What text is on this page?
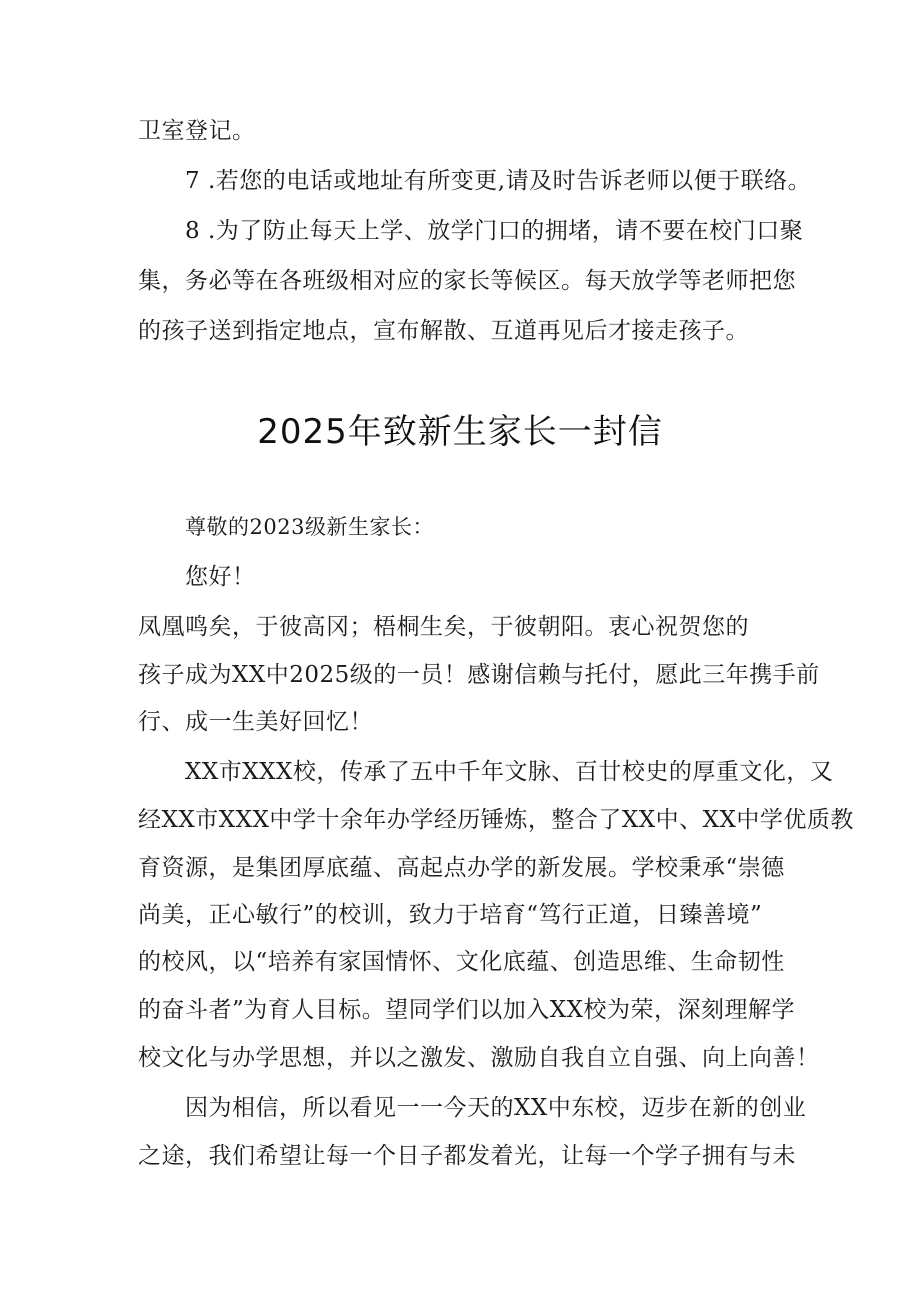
卫室登记。
7 .若您的电话或地址有所变更,请及时告诉老师以便于联络。
8 .为了防止每天上学、放学门口的拥堵，请不要在校门口聚
集，务必等在各班级相对应的家长等候区。每天放学等老师把您
的孩子送到指定地点，宣布解散、互道再见后才接走孩子。
2025年致新生家长一封信
尊敬的2023级新生家长：
您好！
凤凰鸣矣，于彼高冈；梧桐生矣，于彼朝阳。衷心祝贺您的
孩子成为XX中2025级的一员！感谢信赖与托付，愿此三年携手前
行、成一生美好回忆！
XX市XXX校，传承了五中千年文脉、百廿校史的厚重文化，又
经XX市XXX中学十余年办学经历锤炼，整合了XX中、XX中学优质教
育资源，是集团厚底蕴、高起点办学的新发展。学校秉承“崇德
尚美，正心敏行”的校训，致力于培育“笃行正道，日臻善境”
的校风，以“培养有家国情怀、文化底蕴、创造思维、生命韧性
的奋斗者”为育人目标。望同学们以加入XX校为荣，深刻理解学
校文化与办学思想，并以之激发、激励自我自立自强、向上向善！
因为相信，所以看见一一今天的XX中东校，迈步在新的创业
之途，我们希望让每一个日子都发着光，让每一个学子拥有与未
